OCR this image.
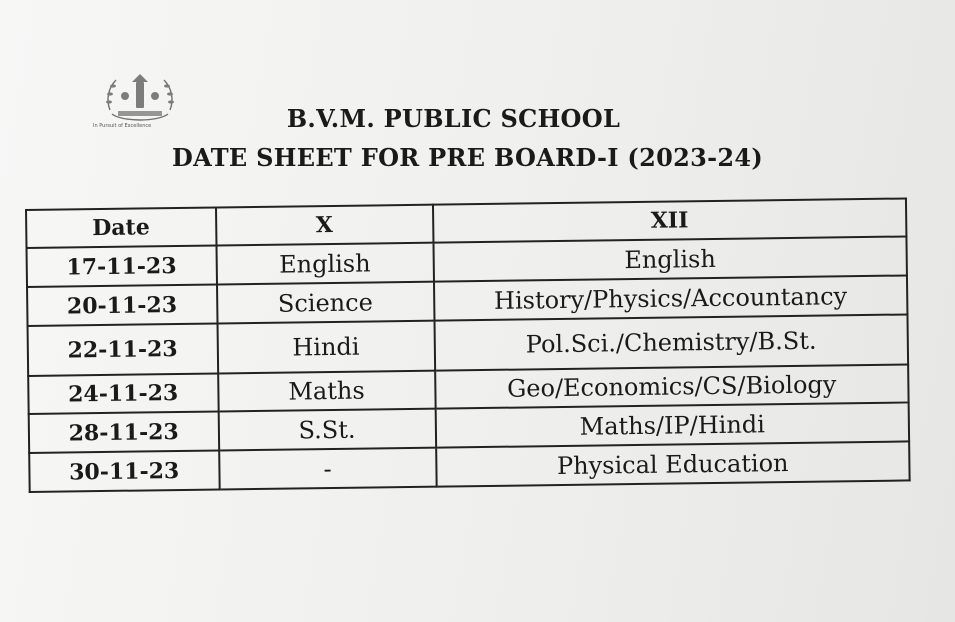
In Pursuit of Excellence	B.V.M. PUBLIC SCHOOL
DATE SHEET FOR PRE BOARD-I (2023-24)
Date	X	XII
17-11-23	English	English
20-11-23	Science	History/Physics/Accountancy
22-11-23	Hindi	Pol.Sci./Chemistry/B.St.
24-11-23	Maths	Geo/Economics/CS/Biology
28-11-23	S.St.	Maths/IP/Hindi
30-11-23	-	Physical Education
